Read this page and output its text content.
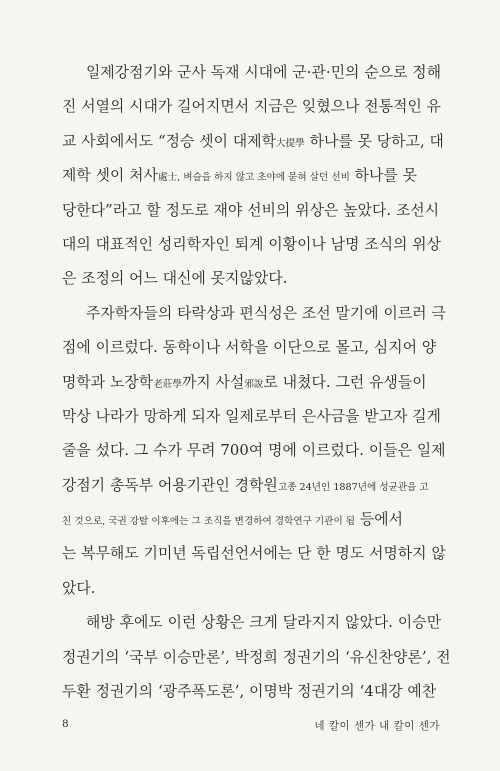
일제강점기와 군사 독재 시대에 군·관·민의 순으로 정해
진 서열의 시대가 길어지면서 지금은 잊혔으나 전통적인 유
교 사회에서도 “정승 셋이 대제학大提學 하나를 못 당하고, 대
제학 셋이 처사處士, 벼슬을 하지 않고 초야에 묻혀 살던 선비 하나를 못
당한다”라고 할 정도로 재야 선비의 위상은 높았다. 조선시
대의 대표적인 성리학자인 퇴계 이황이나 남명 조식의 위상
은 조정의 어느 대신에 못지않았다.
주자학자들의 타락상과 편식성은 조선 말기에 이르러 극
점에 이르렀다. 동학이나 서학을 이단으로 몰고, 심지어 양
명학과 노장학老莊學까지 사설邪說로 내쳤다. 그런 유생들이
막상 나라가 망하게 되자 일제로부터 은사금을 받고자 길게
줄을 섰다. 그 수가 무려 700여 명에 이르렀다. 이들은 일제
강점기 총독부 어용기관인 경학원고종 24년인 1887년에 성균관을 고
친 것으로, 국권 강탈 이후에는 그 조직을 변경하여 경학연구 기관이 됨 등에서
는 복무해도 기미년 독립선언서에는 단 한 명도 서명하지 않
았다.
해방 후에도 이런 상황은 크게 달라지지 않았다. 이승만
정권기의 ‘국부 이승만론’, 박정희 정권기의 ‘유신찬양론’, 전
두환 정권기의 ‘광주폭도론’, 이명박 정권기의 ‘4대강 예찬
8	네 칼이 센가 내 칼이 센가
